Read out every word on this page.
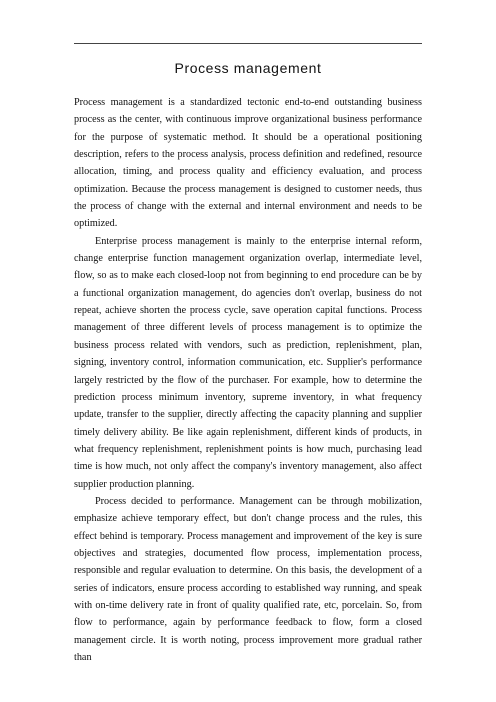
Process management

Process management is a standardized tectonic end-to-end outstanding business process as the center, with continuous improve organizational business performance for the purpose of systematic method. It should be a operational positioning description, refers to the process analysis, process definition and redefined, resource allocation, timing, and process quality and efficiency evaluation, and process optimization. Because the process management is designed to customer needs, thus the process of change with the external and internal environment and needs to be optimized.

Enterprise process management is mainly to the enterprise internal reform, change enterprise function management organization overlap, intermediate level, flow, so as to make each closed-loop not from beginning to end procedure can be by a functional organization management, do agencies don't overlap, business do not repeat, achieve shorten the process cycle, save operation capital functions. Process management of three different levels of process management is to optimize the business process related with vendors, such as prediction, replenishment, plan, signing, inventory control, information communication, etc. Supplier's performance largely restricted by the flow of the purchaser. For example, how to determine the prediction process minimum inventory, supreme inventory, in what frequency update, transfer to the supplier, directly affecting the capacity planning and supplier timely delivery ability. Be like again replenishment, different kinds of products, in what frequency replenishment, replenishment points is how much, purchasing lead time is how much, not only affect the company's inventory management, also affect supplier production planning.

Process decided to performance. Management can be through mobilization, emphasize achieve temporary effect, but don't change process and the rules, this effect behind is temporary. Process management and improvement of the key is sure objectives and strategies, documented flow process, implementation process, responsible and regular evaluation to determine. On this basis, the development of a series of indicators, ensure process according to established way running, and speak with on-time delivery rate in front of quality qualified rate, etc, porcelain. So, from flow to performance, again by performance feedback to flow, form a closed management circle. It is worth noting, process improvement more gradual rather than
